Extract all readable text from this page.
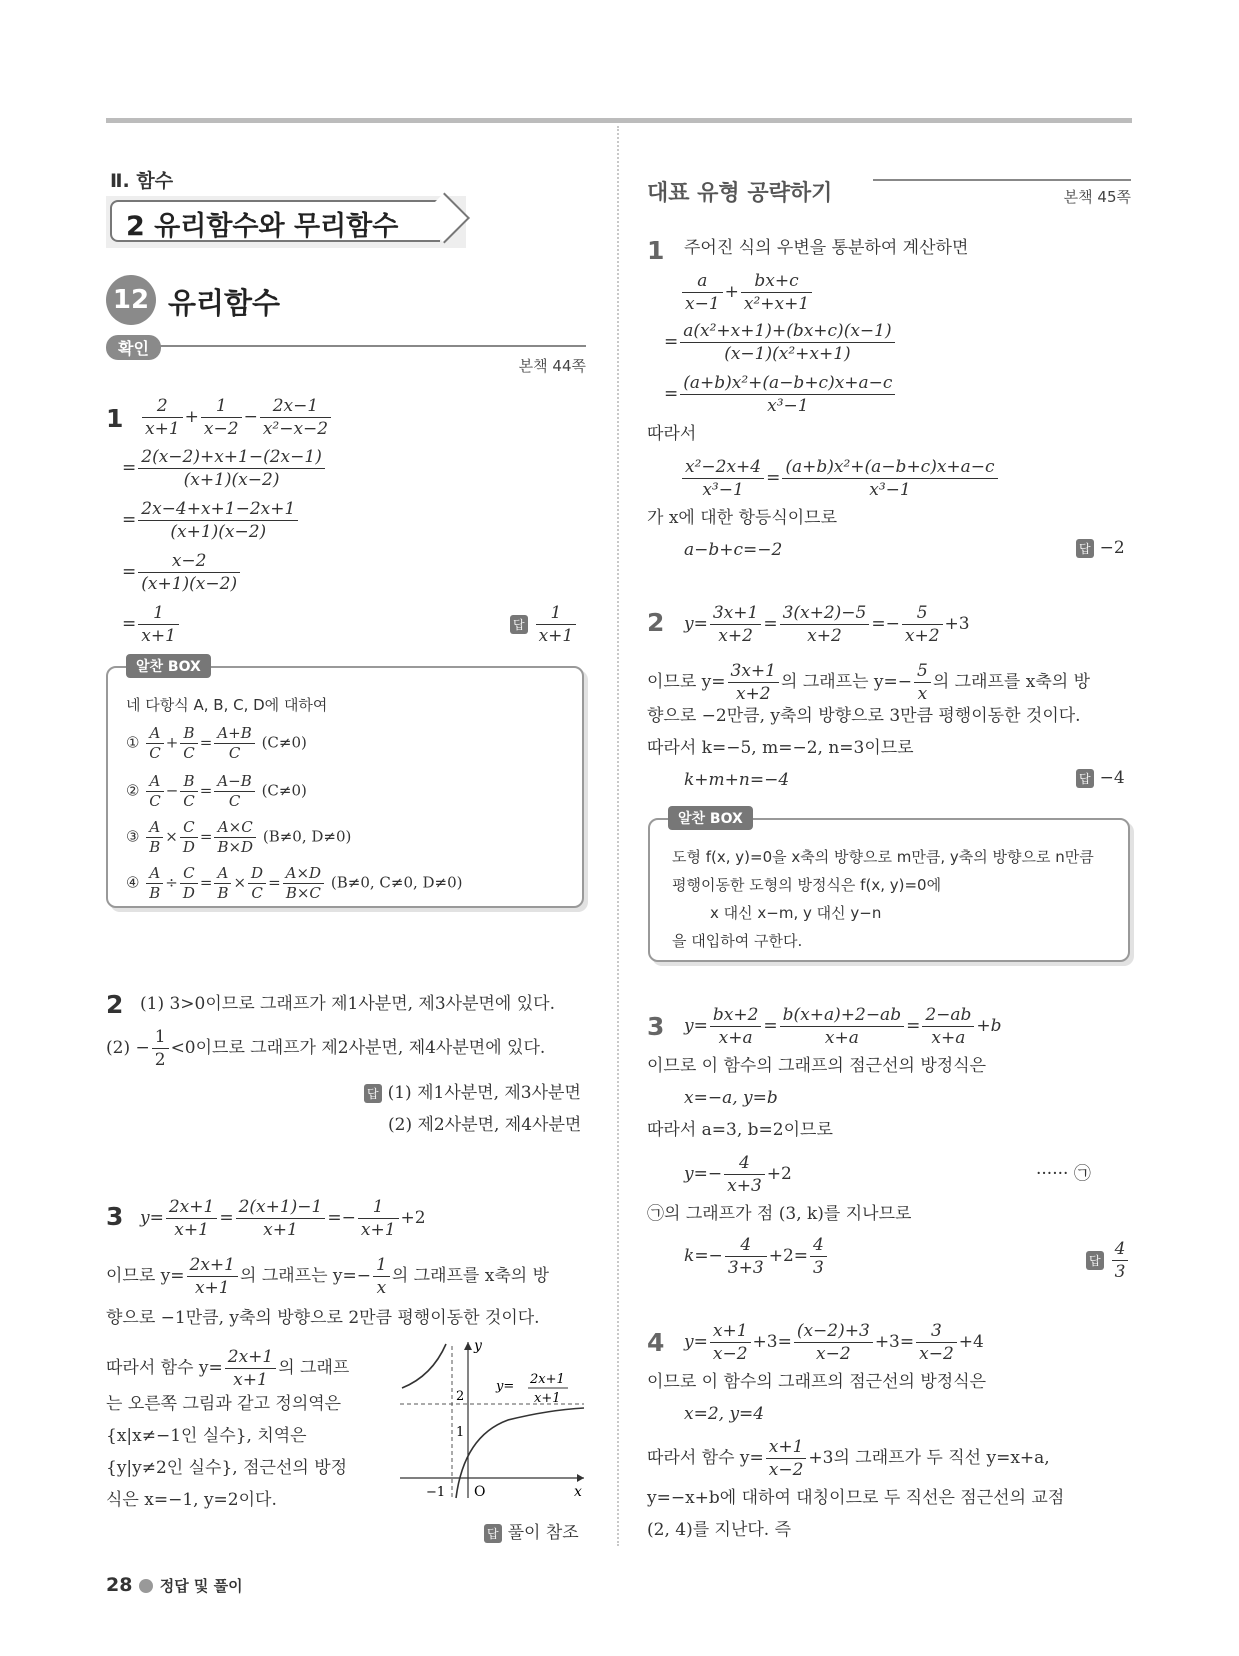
Ⅱ. 함수
2 유리함수와 무리함수
12 유리함수
확인
본책 44쪽
$1 \frac{2}{x+1} + \frac{1}{x-2} - \frac{2x-1}{\text{x²−x−2}}$
= $\frac{2(x-2)+x+1-(2x-1)}{(x+1)(x-2)}$
= $\frac{2x-4+x+1-2x+1}{(x+1)(x-2)}$
= $\frac{x-2}{(x+1)(x-2)}$
= $\frac{1}{x+1}$	답 $\frac{1}{x+1}$
알찬 BOX
네 다항식 A, B, C, D에 대하여
① $\frac{A}{C} + \frac{B}{C} = \frac{A+B}{C} (C\ne 0)$
② $\frac{A}{C} - \frac{B}{C} = \frac{A-B}{C} (C\ne 0)$
③ $\frac{A}{B} \times \frac{C}{D} = \frac{A\times C}{B\times D} (B\ne 0$, D≠0)
④ $\frac{A}{B} \div \frac{C}{D} = \frac{A}{B} \times \frac{D}{C} = \frac{A\times D}{B\times C} (B\ne 0$, C≠0, D≠0)
2 (1) 3>0이므로 그래프가 제1사분면, 제3사분면에 있다.
$(2) - \frac{1}{2} <0$이므로 그래프가 제2사분면, 제4사분면에 있다.
답 (1) 제1사분면, 제3사분면
(2) 제2사분면, 제4사분면
3 $y= \frac{2x+1}{x+1} = \frac{2(x+1)-1}{x+1} =- \frac{1}{x+1} +2$
이므로 $y= \frac{2x+1}{x+1}$ 의 그래프는 $y=- \frac{1}{x}$ 의 그래프를 x축의 방
향으로 −1만큼, y축의 방향으로 2만큼 평행이동한 것이다.
따라서 함수 $y= \frac{2x+1}{x+1}$ 의 그래프
는 오른쪽 그림과 같고 정의역은
{x|x≠−1인 실수}, 치역은
{y|y≠2인 실수}, 점근선의 방정
식은 x=−1, y=2이다.
y
x
O
2
1
−1
y= 2x+1
x+1
답 풀이 참조
28 정답 및 풀이
대표 유형 공략하기	본책 45쪽
1 주어진 식의 우변을 통분하여 계산하면
$\frac{a}{x-1} + \frac{bx+c}{\text{x²+x+1}}$
= $\frac{\text{a(x²+x+1)+(bx+c)(x−1)}}{\text{(x−1)(x²+x+1)}}$
= $\frac{\text{(a+b)x²+(a−b+c)x+a−c}}{\text{x³−1}}$
따라서
$\frac{\text{x²−2x+4}}{\text{x³−1}} = \frac{\text{(a+b)x²+(a−b+c)x+a−c}}{\text{x³−1}}$
가 x에 대한 항등식이므로
a−b+c=−2	답 −2
2 $y= \frac{3x+1}{x+2} = \frac{3(x+2)-5}{x+2} =- \frac{5}{x+2} +3$
이므로 $y= \frac{3x+1}{x+2}$ 의 그래프는 $y=- \frac{5}{x}$ 의 그래프를 x축의 방
향으로 −2만큼, y축의 방향으로 3만큼 평행이동한 것이다.
따라서 k=−5, m=−2, n=3이므로
k+m+n=−4	답 −4
알찬 BOX
도형 f(x, y)=0을 x축의 방향으로 m만큼, y축의 방향으로 n만큼
평행이동한 도형의 방정식은 f(x, y)=0에
x 대신 x−m, y 대신 y−n
을 대입하여 구한다.
3 $y= \frac{bx+2}{x+a} = \frac{b(x+a)+2-ab}{x+a} = \frac{2-ab}{x+a} +b$
이므로 이 함수의 그래프의 점근선의 방정식은
x=−a, y=b
따라서 a=3, b=2이므로
$y=- \frac{4}{x+3} +2$	······ ㉠
㉠의 그래프가 점 (3, k)를 지나므로
$k=- \frac{4}{3+3} +2= \frac{4}{3}$	답 $\frac{4}{3}$
4 $y= \frac{x+1}{x-2} +3= \frac{(x-2)+3}{x-2} +3= \frac{3}{x-2} +4$
이므로 이 함수의 그래프의 점근선의 방정식은
x=2, y=4
따라서 함수 $y= \frac{x+1}{x-2} +3$의 그래프가 두 직선 y=x+a,
y=−x+b에 대하여 대칭이므로 두 직선은 점근선의 교점
(2, 4)를 지난다. 즉
